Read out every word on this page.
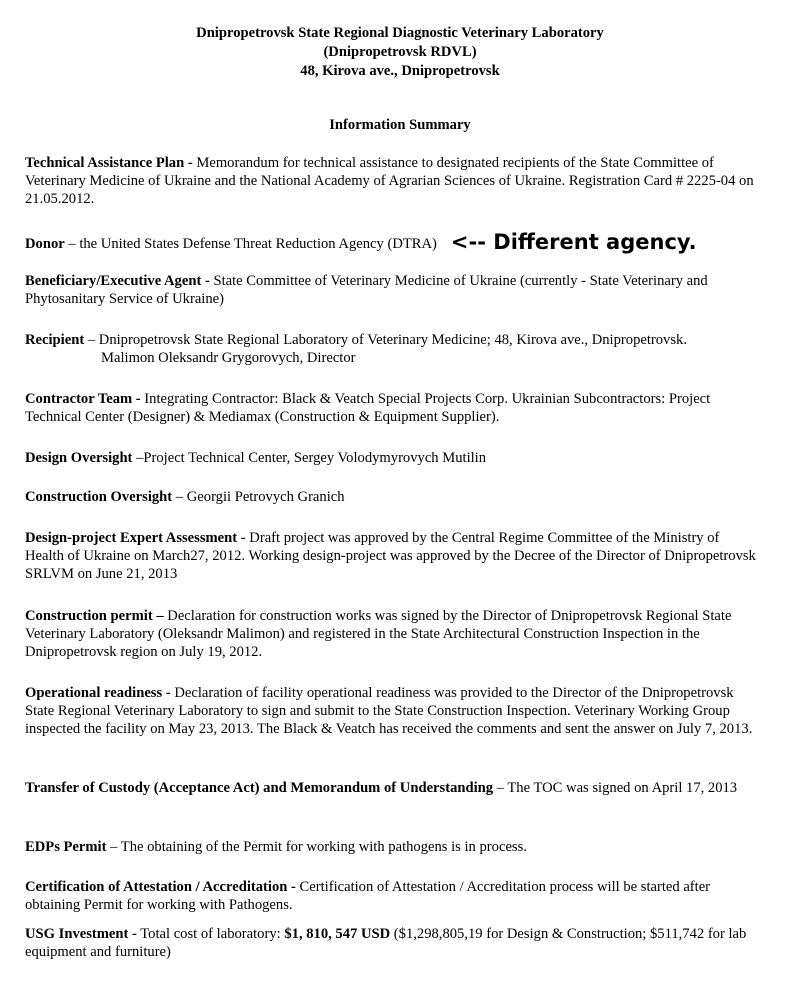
Dnipropetrovsk State Regional Diagnostic Veterinary Laboratory
(Dnipropetrovsk RDVL)
48, Kirova ave., Dnipropetrovsk
Information Summary
Technical Assistance Plan - Memorandum for technical assistance to designated recipients of the State Committee of Veterinary Medicine of Ukraine and the National Academy of Agrarian Sciences of Ukraine. Registration Card # 2225-04 on 21.05.2012.
Donor – the United States Defense Threat Reduction Agency (DTRA) <-- Different agency.
Beneficiary/Executive Agent - State Committee of Veterinary Medicine of Ukraine (currently - State Veterinary and Phytosanitary Service of Ukraine)
Recipient – Dnipropetrovsk State Regional Laboratory of Veterinary Medicine; 48, Kirova ave., Dnipropetrovsk.
Malimon Oleksandr Grygorovych, Director
Contractor Team - Integrating Contractor: Black & Veatch Special Projects Corp. Ukrainian Subcontractors: Project Technical Center (Designer) & Mediamax (Construction & Equipment Supplier).
Design Oversight –Project Technical Center, Sergey Volodymyrovych Mutilin
Construction Oversight – Georgii Petrovych Granich
Design-project Expert Assessment - Draft project was approved by the Central Regime Committee of the Ministry of Health of Ukraine on March27, 2012. Working design-project was approved by the Decree of the Director of Dnipropetrovsk SRLVM on June 21, 2013
Construction permit – Declaration for construction works was signed by the Director of Dnipropetrovsk Regional State Veterinary Laboratory (Oleksandr Malimon) and registered in the State Architectural Construction Inspection in the Dnipropetrovsk region on July 19, 2012.
Operational readiness - Declaration of facility operational readiness was provided to the Director of the Dnipropetrovsk State Regional Veterinary Laboratory to sign and submit to the State Construction Inspection. Veterinary Working Group inspected the facility on May 23, 2013. The Black & Veatch has received the comments and sent the answer on July 7, 2013.
Transfer of Custody (Acceptance Act) and Memorandum of Understanding – The TOC was signed on April 17, 2013
EDPs Permit – The obtaining of the Permit for working with pathogens is in process.
Certification of Attestation / Accreditation - Certification of Attestation / Accreditation process will be started after obtaining Permit for working with Pathogens.
USG Investment - Total cost of laboratory: $1, 810, 547 USD ($1,298,805,19 for Design & Construction; $511,742 for lab equipment and furniture)
